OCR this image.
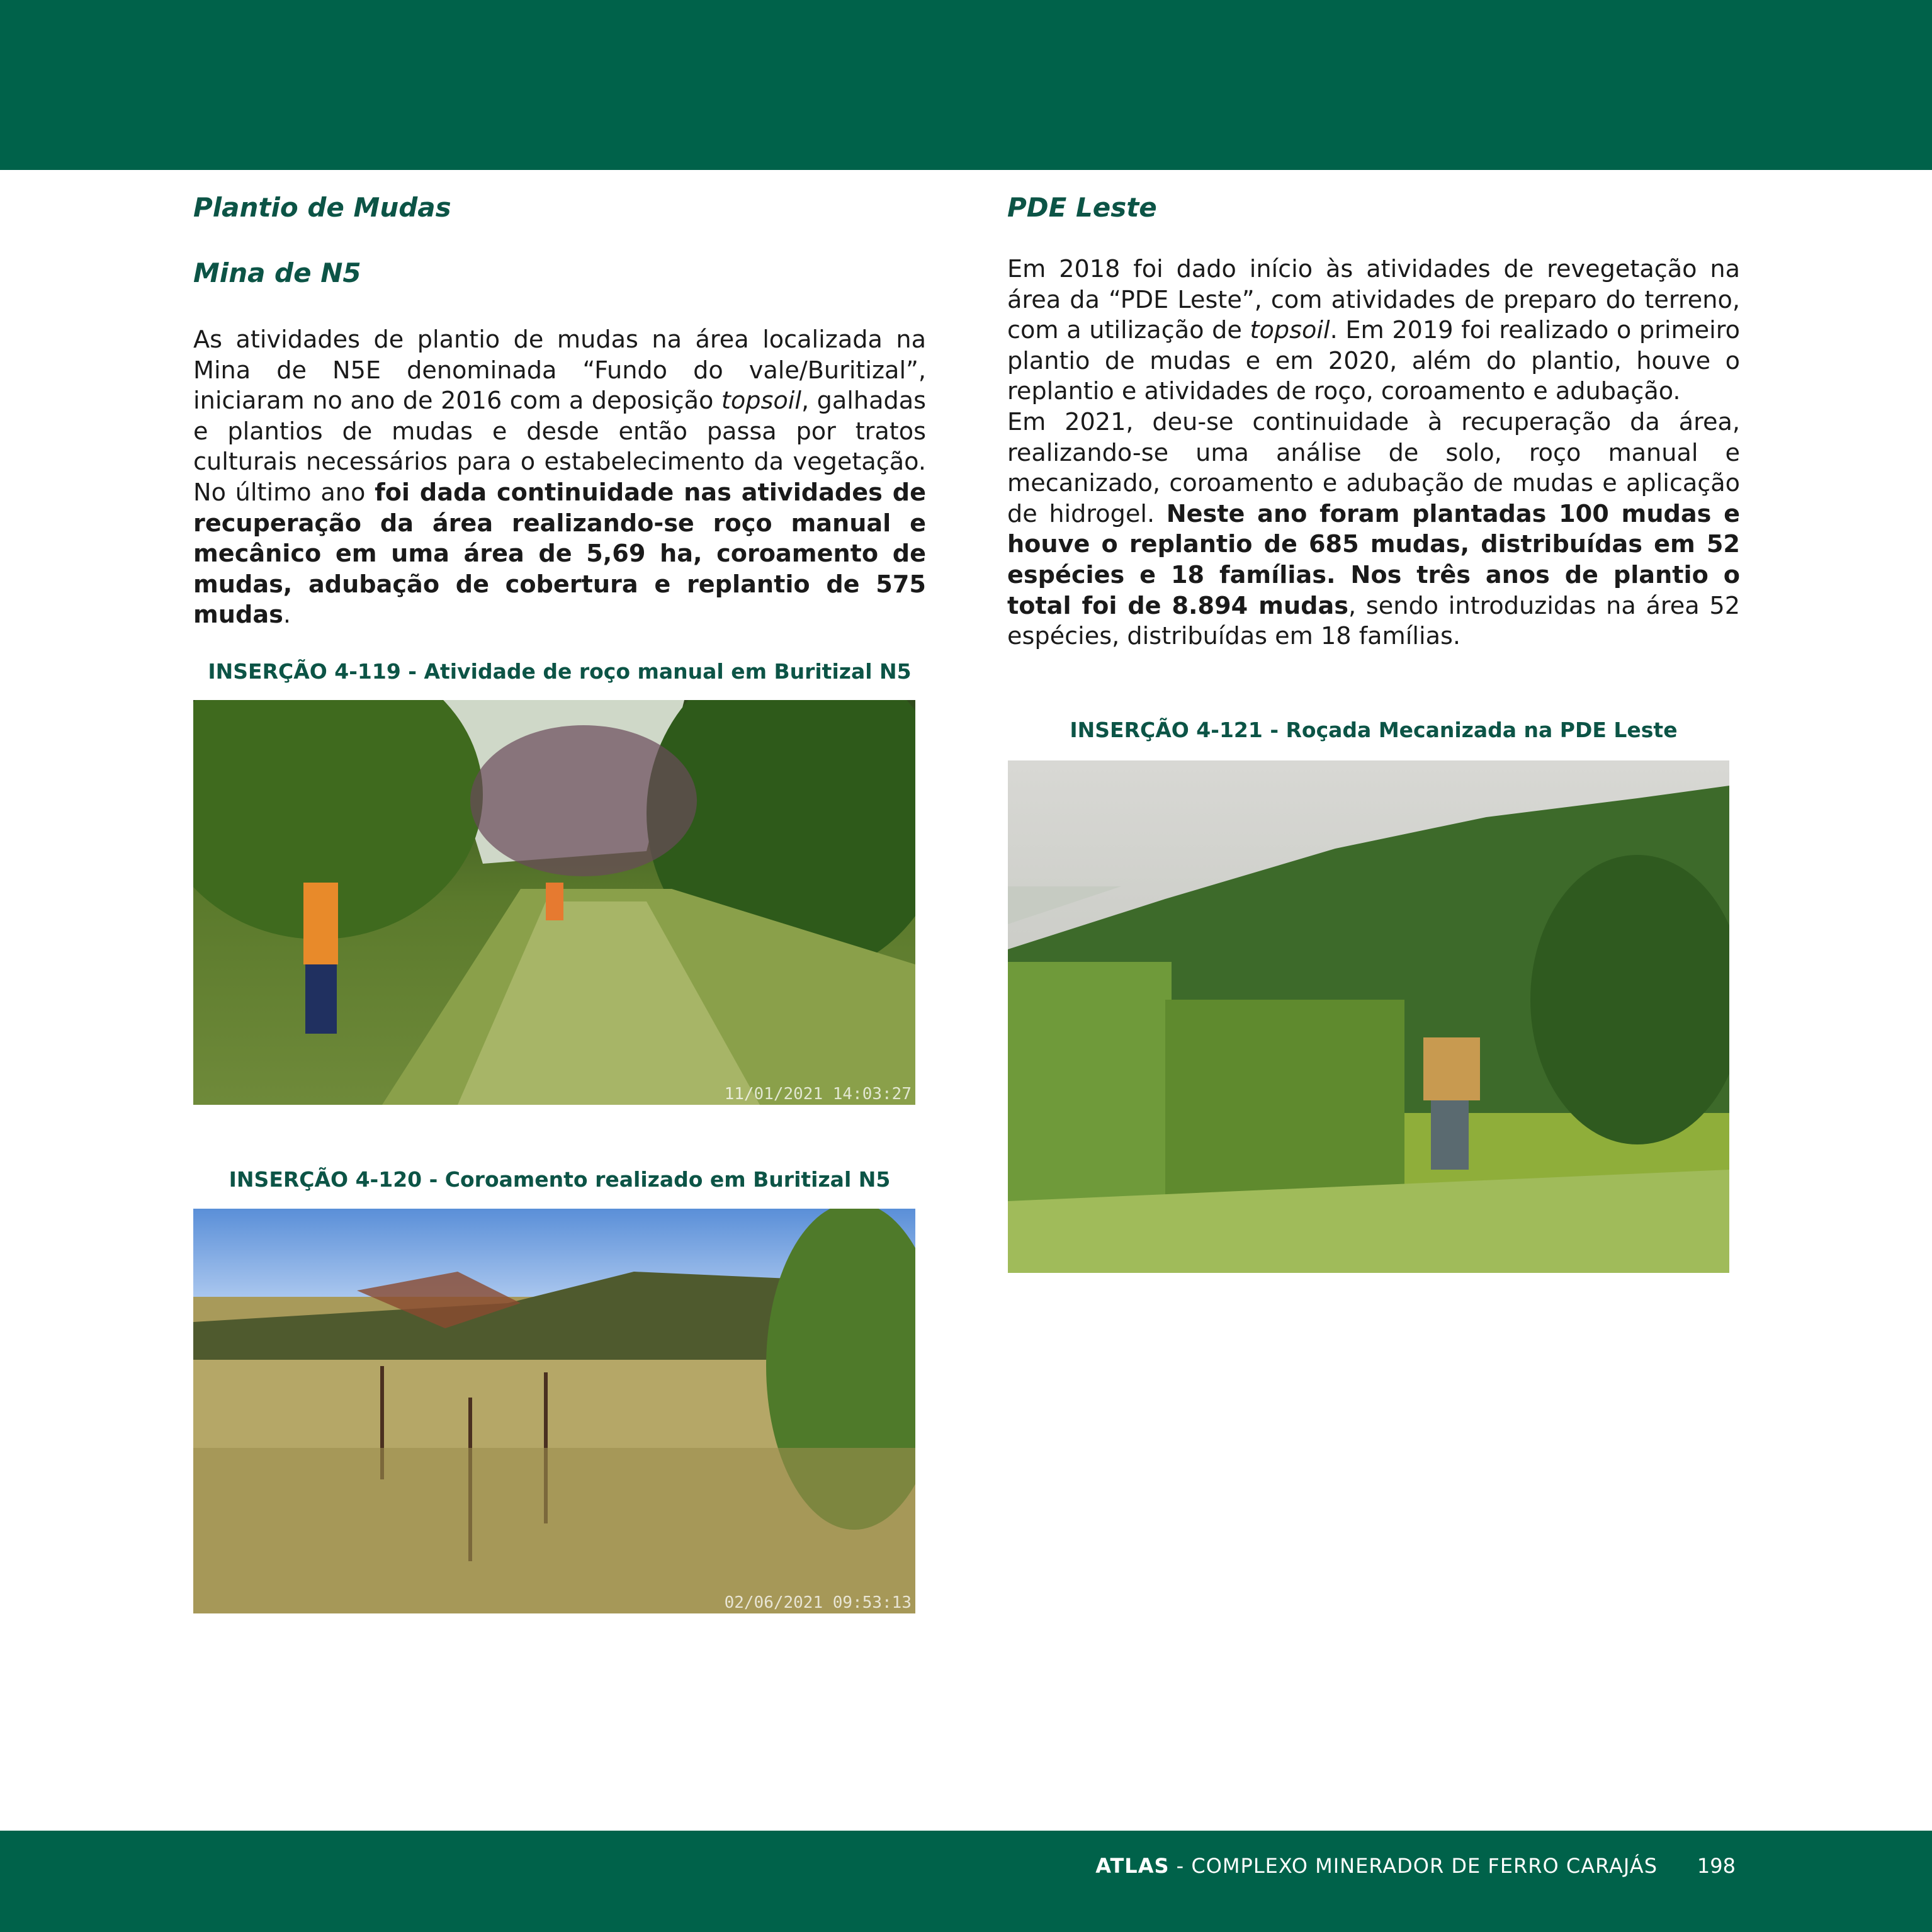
Plantio de Mudas
Mina de N5

As atividades de plantio de mudas na área localizada na Mina de N5E denominada “Fundo do vale/Buritizal”, iniciaram no ano de 2016 com a deposição topsoil, galhadas e plantios de mudas e desde então passa por tratos culturais necessários para o estabelecimento da vegetação. No último ano foi dada continuidade nas atividades de recuperação da área realizando-se roço manual e mecânico em uma área de 5,69 ha, coroamento de mudas, adubação de cobertura e replantio de 575 mudas.

INSERÇÃO 4-119 - Atividade de roço manual em Buritizal N5

11/01/2021 14:03:27

INSERÇÃO 4-120 - Coroamento realizado em Buritizal N5

02/06/2021 09:53:13
PDE Leste

Em 2018 foi dado início às atividades de revegetação na área da “PDE Leste”, com atividades de preparo do terreno, com a utilização de topsoil. Em 2019 foi realizado o primeiro plantio de mudas e em 2020, além do plantio, houve o replantio e atividades de roço, coroamento e adubação.

Em 2021, deu-se continuidade à recuperação da área, realizando-se uma análise de solo, roço manual e mecanizado, coroamento e adubação de mudas e aplicação de hidrogel. Neste ano foram plantadas 100 mudas e houve o replantio de 685 mudas, distribuídas em 52 espécies e 18 famílias. Nos três anos de plantio o total foi de 8.894 mudas, sendo introduzidas na área 52 espécies, distribuídas em 18 famílias.

INSERÇÃO 4-121 - Roçada Mecanizada na PDE Leste

ATLAS - COMPLEXO MINERADOR DE FERRO CARAJÁS 198
